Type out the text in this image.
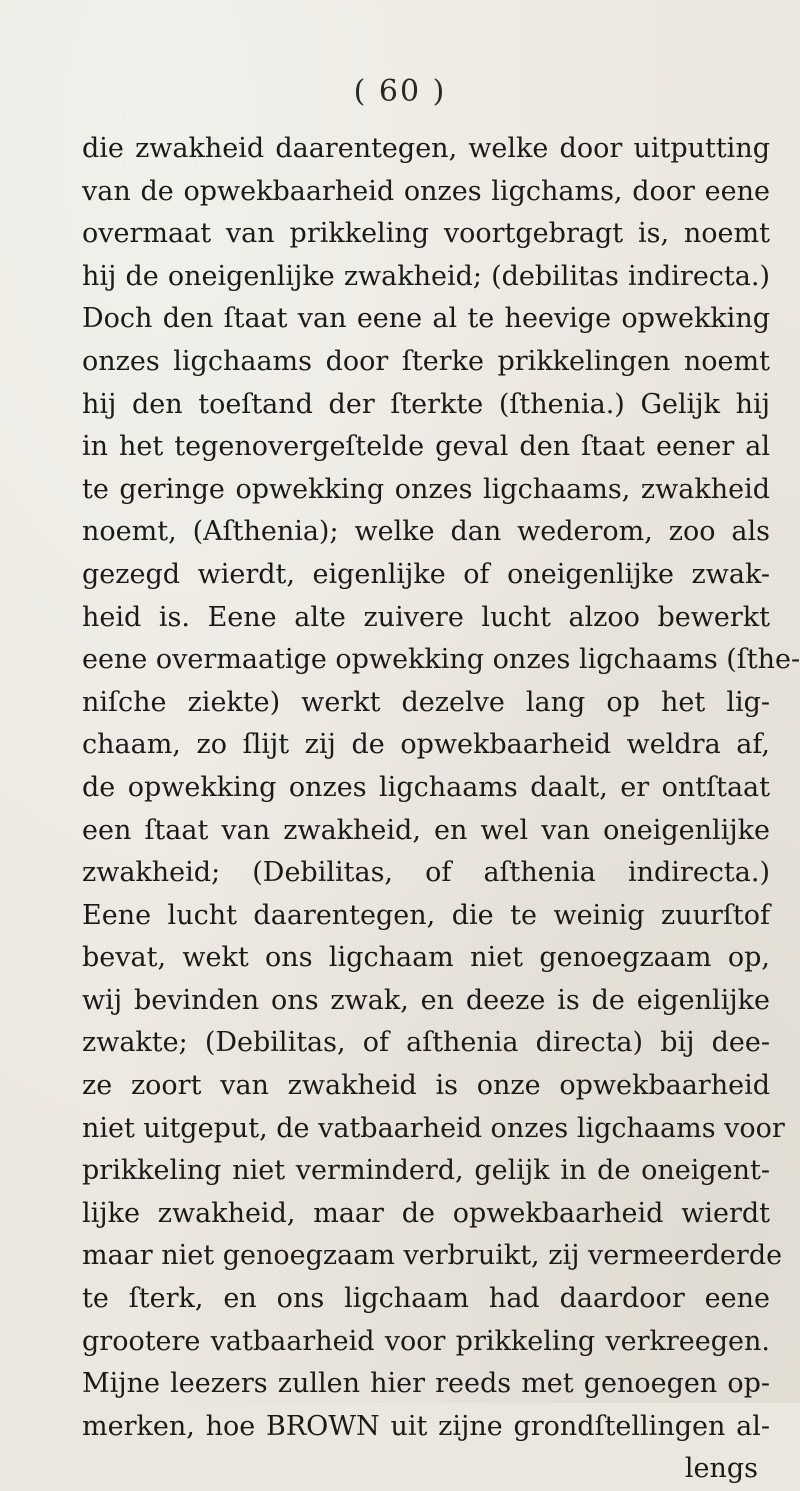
( 60 )
die zwakheid daarentegen, welke door uitputting
van de opwekbaarheid onzes ligchams, door eene
overmaat van prikkeling voortgebragt is, noemt
hij de oneigenlijke zwakheid; (debilitas indirecta.)
Doch den ſtaat van eene al te heevige opwekking
onzes ligchaams door ſterke prikkelingen noemt
hij den toeſtand der ſterkte (ſthenia.) Gelijk hij
in het tegenovergeſtelde geval den ſtaat eener al
te geringe opwekking onzes ligchaams, zwakheid
noemt, (Aſthenia); welke dan wederom, zoo als
gezegd wierdt, eigenlijke of oneigenlijke zwak-
heid is. Eene alte zuivere lucht alzoo bewerkt
eene overmaatige opwekking onzes ligchaams (ſthe-
niſche ziekte) werkt dezelve lang op het lig-
chaam, zo ſlijt zij de opwekbaarheid weldra af,
de opwekking onzes ligchaams daalt, er ontſtaat
een ſtaat van zwakheid, en wel van oneigenlijke
zwakheid; (Debilitas, of aſthenia indirecta.)
Eene lucht daarentegen, die te weinig zuurſtof
bevat, wekt ons ligchaam niet genoegzaam op,
wij bevinden ons zwak, en deeze is de eigenlijke
zwakte; (Debilitas, of aſthenia directa) bij dee-
ze zoort van zwakheid is onze opwekbaarheid
niet uitgeput, de vatbaarheid onzes ligchaams voor
prikkeling niet verminderd, gelijk in de oneigent-
lijke zwakheid, maar de opwekbaarheid wierdt
maar niet genoegzaam verbruikt, zij vermeerderde
te ſterk, en ons ligchaam had daardoor eene
grootere vatbaarheid voor prikkeling verkreegen.
Mijne leezers zullen hier reeds met genoegen op-
merken, hoe BROWN uit zijne grondſtellingen al-
lengs
